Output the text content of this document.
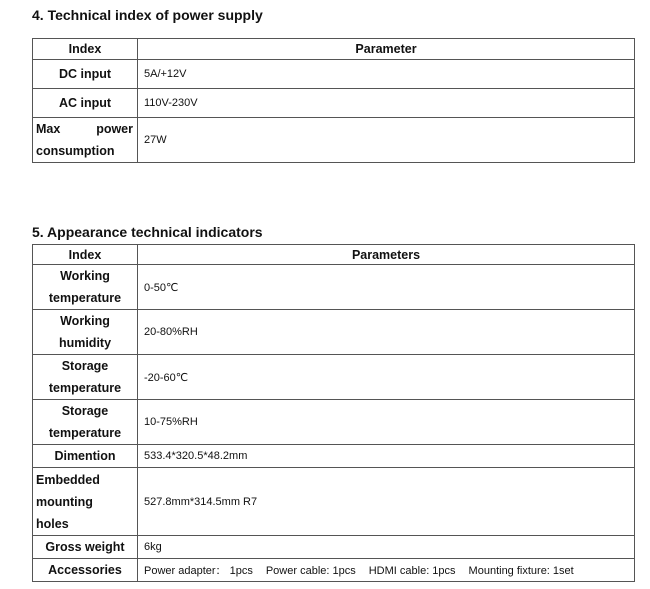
4. Technical index of power supply
Index	Parameter
DC input	5A/+12V
AC input	110V-230V

Max power
consumption	27W
5. Appearance technical indicators
Index	Parameters

Working
temperature	0-50℃

Working
humidity	20-80%RH

Storage
temperature	-20-60℃

Storage
temperature	10-75%RH
Dimention	533.4*320.5*48.2mm

Embedded
mounting
holes	527.8mm*314.5mm R7
Gross weight	6kg
Accessories	Power adapter： 1pcs Power cable: 1pcs HDMI cable: 1pcs Mounting fixture: 1set
